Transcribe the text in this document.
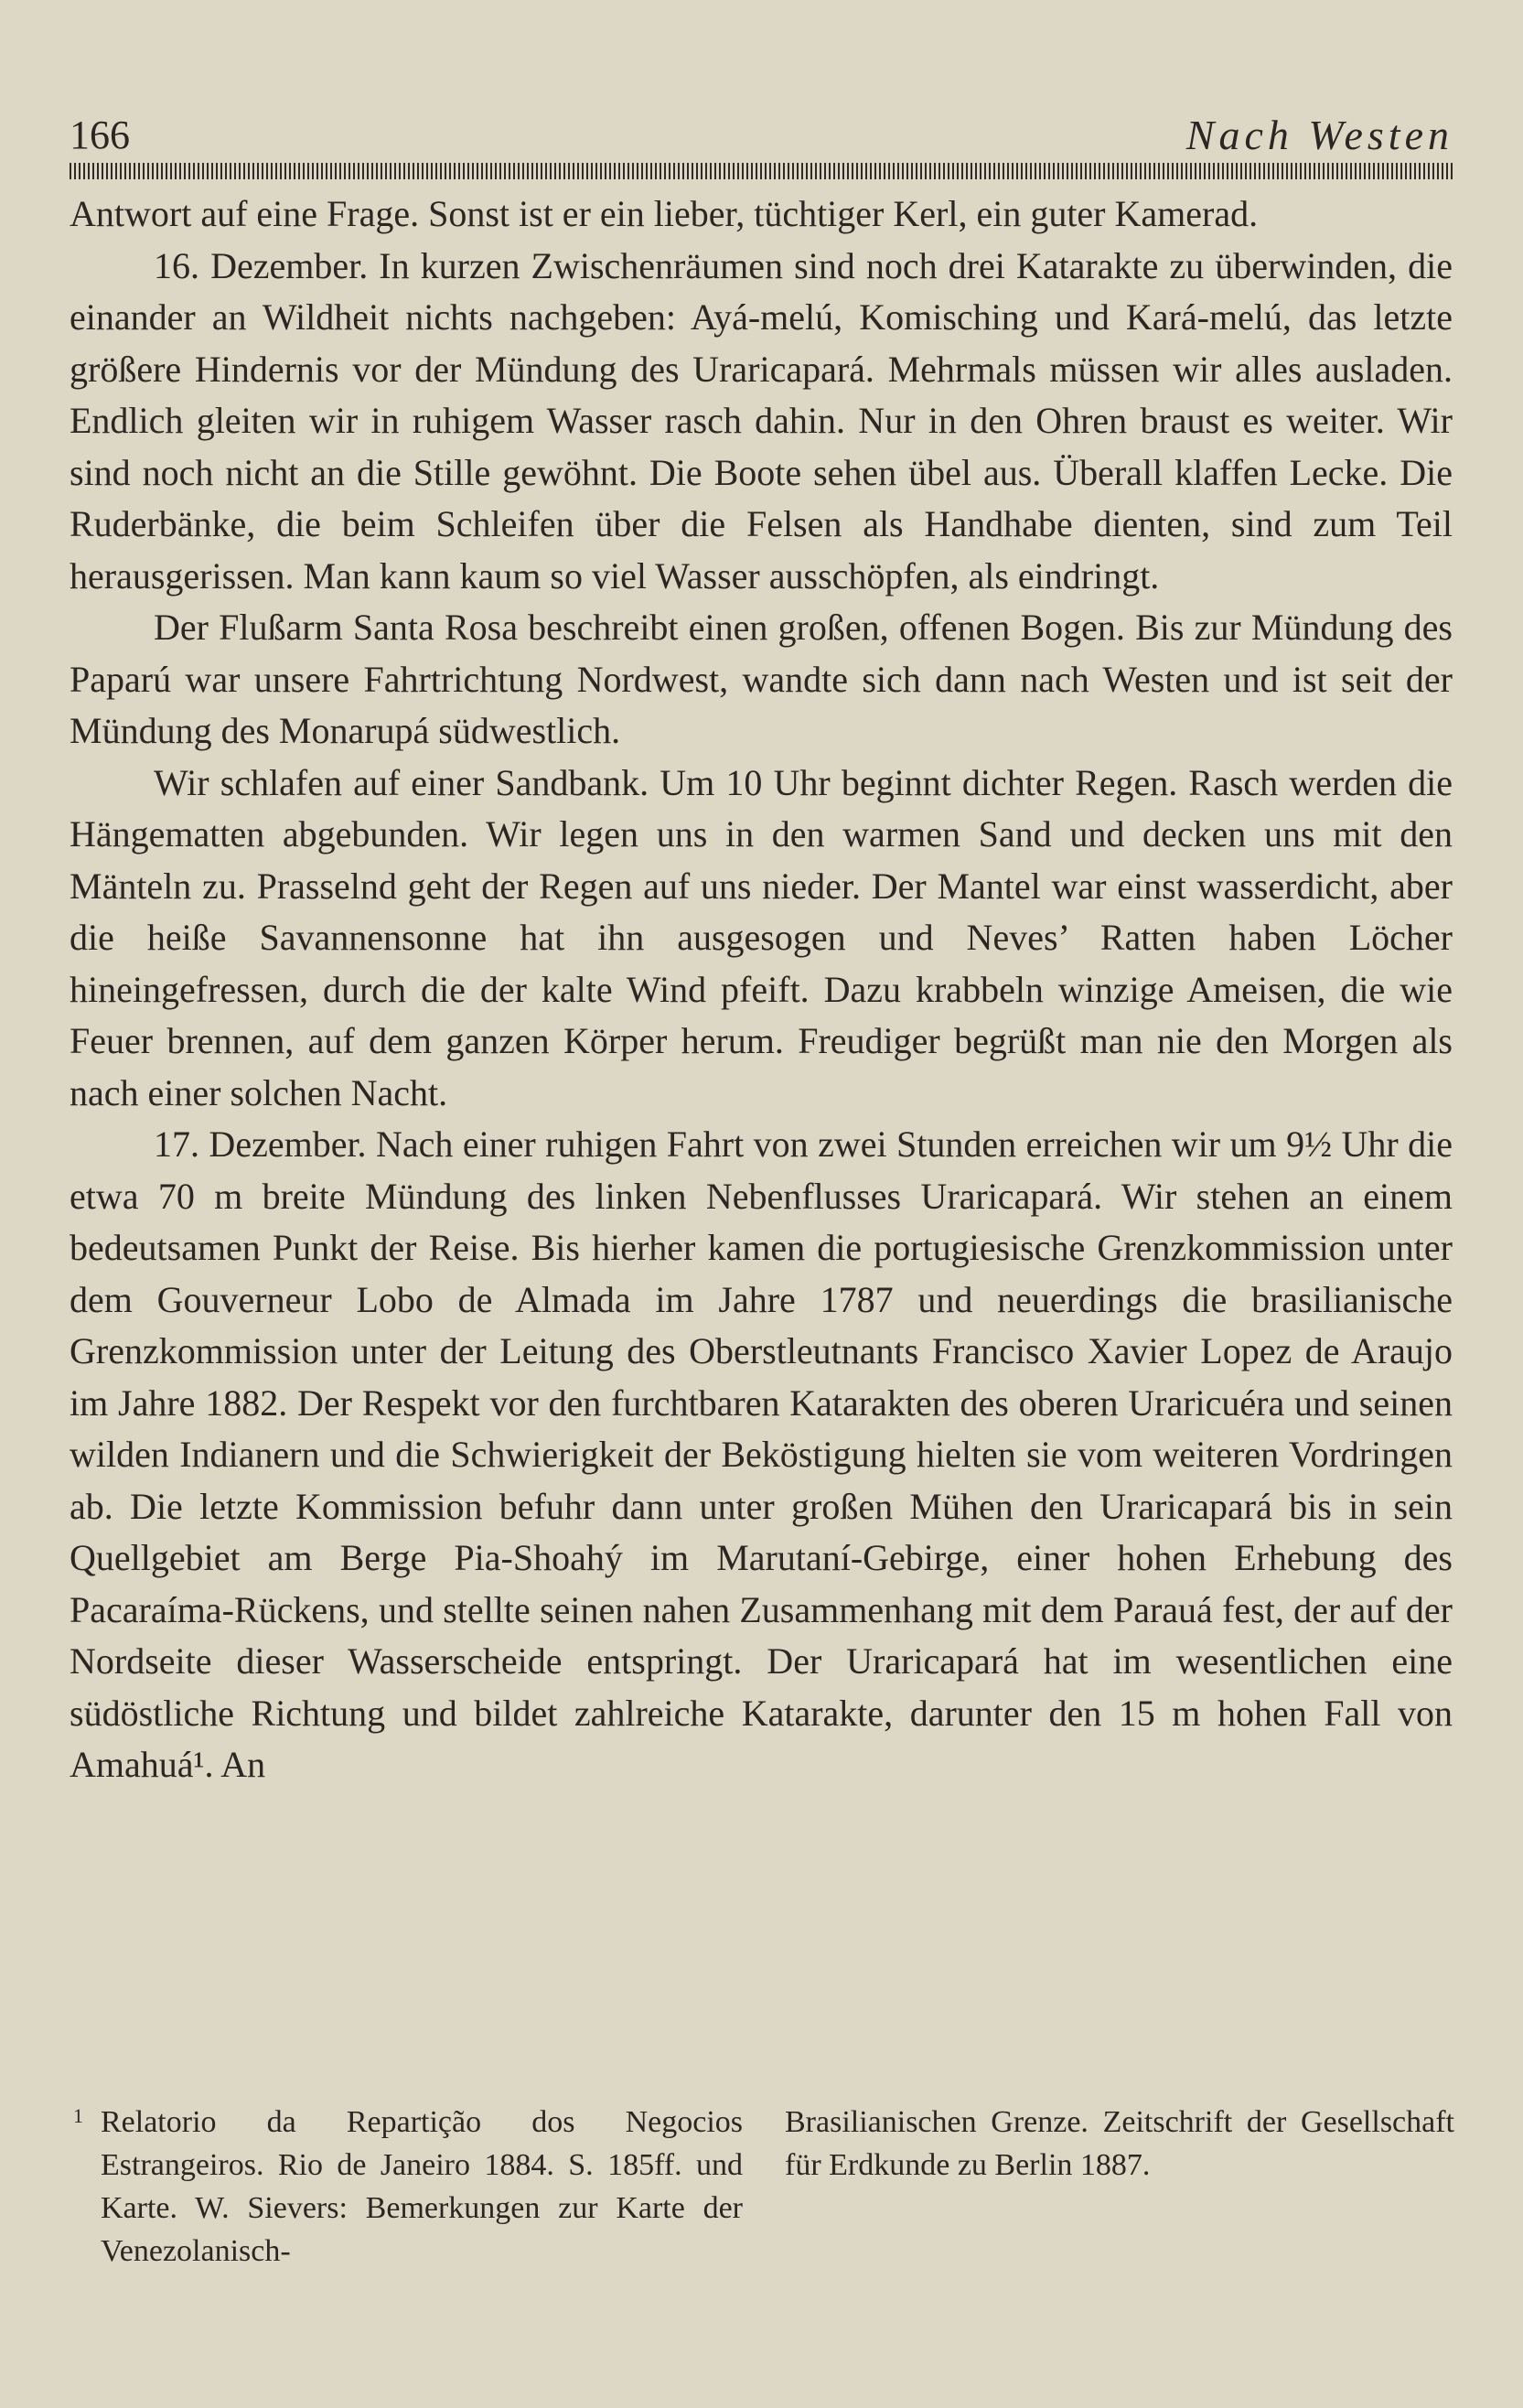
166	Nach Westen

Antwort auf eine Frage. Sonst ist er ein lieber, tüchtiger Kerl, ein guter Kamerad.

16. Dezember. In kurzen Zwischenräumen sind noch drei Katarakte zu überwinden, die einander an Wildheit nichts nachgeben: Ayá-melú, Komisching und Kará-melú, das letzte größere Hindernis vor der Mündung des Uraricapará. Mehrmals müssen wir alles ausladen. Endlich gleiten wir in ruhigem Wasser rasch dahin. Nur in den Ohren braust es weiter. Wir sind noch nicht an die Stille gewöhnt. Die Boote sehen übel aus. Überall klaffen Lecke. Die Ruderbänke, die beim Schleifen über die Felsen als Handhabe dienten, sind zum Teil herausgerissen. Man kann kaum so viel Wasser ausschöpfen, als eindringt.

Der Flußarm Santa Rosa beschreibt einen großen, offenen Bogen. Bis zur Mündung des Paparú war unsere Fahrtrichtung Nordwest, wandte sich dann nach Westen und ist seit der Mündung des Monarupá südwestlich.

Wir schlafen auf einer Sandbank. Um 10 Uhr beginnt dichter Regen. Rasch werden die Hängematten abgebunden. Wir legen uns in den warmen Sand und decken uns mit den Mänteln zu. Prasselnd geht der Regen auf uns nieder. Der Mantel war einst wasserdicht, aber die heiße Savannensonne hat ihn ausgesogen und Neves’ Ratten haben Löcher hineingefressen, durch die der kalte Wind pfeift. Dazu krabbeln winzige Ameisen, die wie Feuer brennen, auf dem ganzen Körper herum. Freudiger begrüßt man nie den Morgen als nach einer solchen Nacht.

17. Dezember. Nach einer ruhigen Fahrt von zwei Stunden erreichen wir um 9½ Uhr die etwa 70 m breite Mündung des linken Nebenflusses Uraricapará. Wir stehen an einem bedeutsamen Punkt der Reise. Bis hierher kamen die portugiesische Grenzkommission unter dem Gouverneur Lobo de Almada im Jahre 1787 und neuerdings die brasilianische Grenzkommission unter der Leitung des Oberstleutnants Francisco Xavier Lopez de Araujo im Jahre 1882. Der Respekt vor den furchtbaren Katarakten des oberen Uraricuéra und seinen wilden Indianern und die Schwierigkeit der Beköstigung hielten sie vom weiteren Vordringen ab. Die letzte Kommission befuhr dann unter großen Mühen den Uraricapará bis in sein Quellgebiet am Berge Pia-Shoahý im Marutaní-Gebirge, einer hohen Erhebung des Pacaraíma-Rückens, und stellte seinen nahen Zusammenhang mit dem Parauá fest, der auf der Nordseite dieser Wasserscheide entspringt. Der Uraricapará hat im wesentlichen eine südöstliche Richtung und bildet zahlreiche Katarakte, darunter den 15 m hohen Fall von Amahuá¹. An

1 Relatorio da Repartição dos Negocios Estrangeiros. Rio de Janeiro 1884. S. 185ff. und Karte. W. Sievers: Bemerkungen zur Karte der Venezolanisch-
Brasilianischen Grenze. Zeitschrift der Gesellschaft für Erdkunde zu Berlin 1887.
